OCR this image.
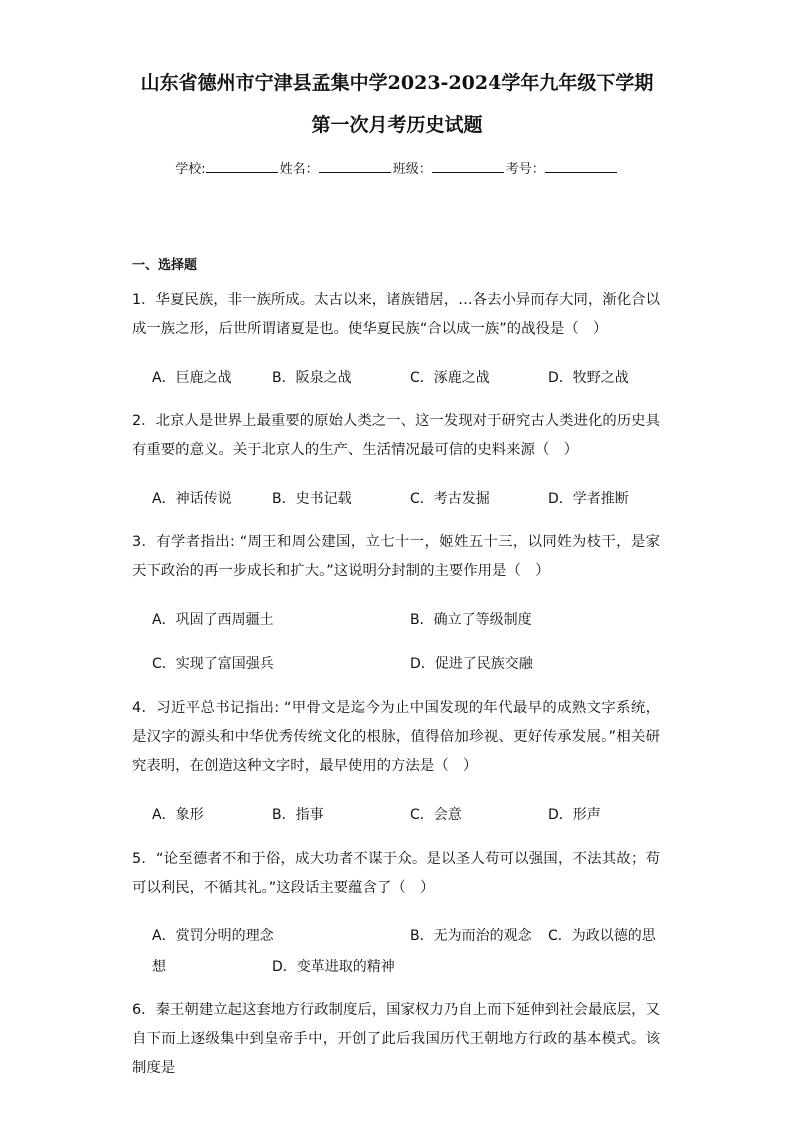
山东省德州市宁津县孟集中学2023-2024学年九年级下学期
第一次月考历史试题
学校:	姓名：	班级：	考号：
一、选择题
1．华夏民族，非一族所成。太古以来，诸族错居，…各去小异而存大同，渐化合以成一族之形，后世所谓诸夏是也。使华夏民族“合以成一族”的战役是（　）
A．巨鹿之战	B．阪泉之战	C．涿鹿之战	D．牧野之战
2．北京人是世界上最重要的原始人类之一、这一发现对于研究古人类进化的历史具有重要的意义。关于北京人的生产、生活情况最可信的史料来源（　）
A．神话传说	B．史书记载	C．考古发掘	D．学者推断
3．有学者指出: “周王和周公建国，立七十一，姬姓五十三，以同姓为枝干，是家天下政治的再一步成长和扩大。”这说明分封制的主要作用是（　）
A．巩固了西周疆土	B．确立了等级制度
C．实现了富国强兵	D．促进了民族交融
4．习近平总书记指出: “甲骨文是迄今为止中国发现的年代最早的成熟文字系统，是汉字的源头和中华优秀传统文化的根脉，值得倍加珍视、更好传承发展。”相关研究表明，在创造这种文字时，最早使用的方法是（　）
A．象形	B．指事	C．会意	D．形声
5．“论至德者不和于俗，成大功者不谋于众。是以圣人苟可以强国，不法其故；苟可以利民，不循其礼。”这段话主要蕴含了（　）
A．赏罚分明的理念	B．无为而治的观念 C．为政以德的思
想	D．变革进取的精神
6．秦王朝建立起这套地方行政制度后，国家权力乃自上而下延伸到社会最底层，又自下而上逐级集中到皇帝手中，开创了此后我国历代王朝地方行政的基本模式。该制度是
